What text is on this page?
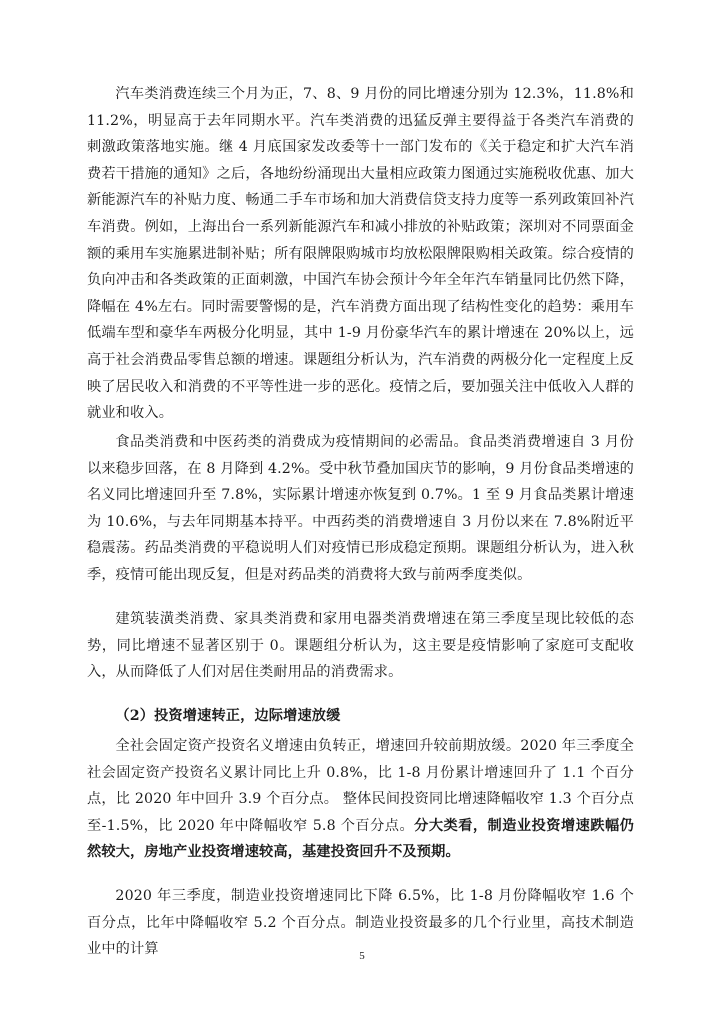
汽车类消费连续三个月为正，7、8、9 月份的同比增速分别为 12.3%，11.8%和 11.2%，明显高于去年同期水平。汽车类消费的迅猛反弹主要得益于各类汽车消费的刺激政策落地实施。继 4 月底国家发改委等十一部门发布的《关于稳定和扩大汽车消费若干措施的通知》之后，各地纷纷涌现出大量相应政策力图通过实施税收优惠、加大新能源汽车的补贴力度、畅通二手车市场和加大消费信贷支持力度等一系列政策回补汽车消费。例如，上海出台一系列新能源汽车和减小排放的补贴政策；深圳对不同票面金额的乘用车实施累进制补贴；所有限牌限购城市均放松限牌限购相关政策。综合疫情的负向冲击和各类政策的正面刺激，中国汽车协会预计今年全年汽车销量同比仍然下降，降幅在 4%左右。同时需要警惕的是，汽车消费方面出现了结构性变化的趋势：乘用车低端车型和豪华车两极分化明显，其中 1-9 月份豪华汽车的累计增速在 20%以上，远高于社会消费品零售总额的增速。课题组分析认为，汽车消费的两极分化一定程度上反映了居民收入和消费的不平等性进一步的恶化。疫情之后，要加强关注中低收入人群的就业和收入。

食品类消费和中医药类的消费成为疫情期间的必需品。食品类消费增速自 3 月份以来稳步回落，在 8 月降到 4.2%。受中秋节叠加国庆节的影响，9 月份食品类增速的名义同比增速回升至 7.8%，实际累计增速亦恢复到 0.7%。1 至 9 月食品类累计增速为 10.6%，与去年同期基本持平。中西药类的消费增速自 3 月份以来在 7.8%附近平稳震荡。药品类消费的平稳说明人们对疫情已形成稳定预期。课题组分析认为，进入秋季，疫情可能出现反复，但是对药品类的消费将大致与前两季度类似。

建筑装潢类消费、家具类消费和家用电器类消费增速在第三季度呈现比较低的态势，同比增速不显著区别于 0。课题组分析认为，这主要是疫情影响了家庭可支配收入，从而降低了人们对居住类耐用品的消费需求。

（2）投资增速转正，边际增速放缓

全社会固定资产投资名义增速由负转正，增速回升较前期放缓。2020 年三季度全社会固定资产投资名义累计同比上升 0.8%，比 1-8 月份累计增速回升了 1.1 个百分点，比 2020 年中回升 3.9 个百分点。 整体民间投资同比增速降幅收窄 1.3 个百分点至-1.5%，比 2020 年中降幅收窄 5.8 个百分点。分大类看，制造业投资增速跌幅仍然较大，房地产业投资增速较高，基建投资回升不及预期。

2020 年三季度，制造业投资增速同比下降 6.5%，比 1-8 月份降幅收窄 1.6 个百分点，比年中降幅收窄 5.2 个百分点。制造业投资最多的几个行业里，高技术制造业中的计算	5
